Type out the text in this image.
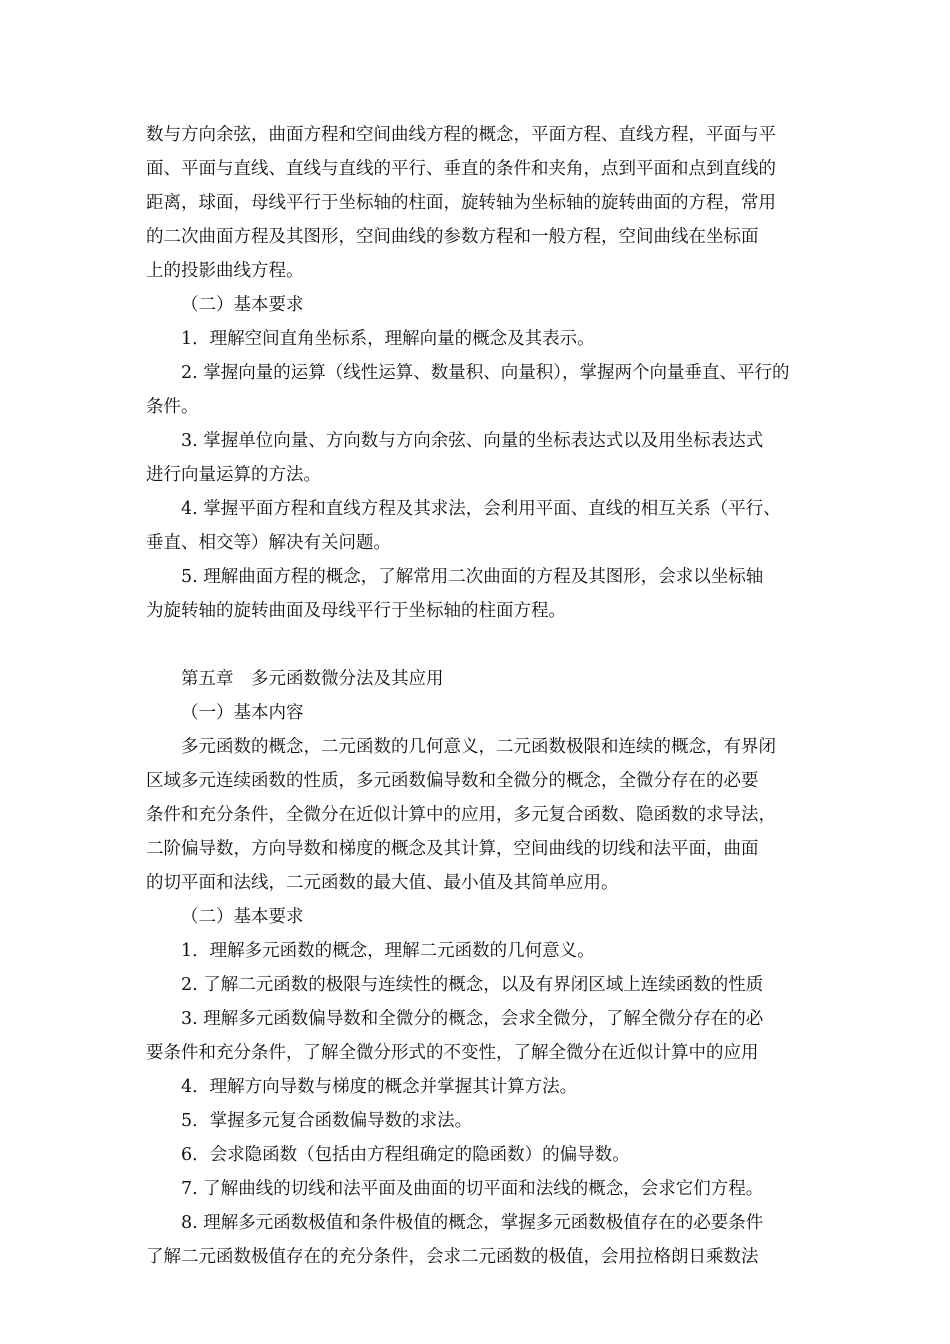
数与方向余弦，曲面方程和空间曲线方程的概念，平面方程、直线方程，平面与平
面、平面与直线、直线与直线的平行、垂直的条件和夹角，点到平面和点到直线的
距离，球面，母线平行于坐标轴的柱面，旋转轴为坐标轴的旋转曲面的方程，常用
的二次曲面方程及其图形，空间曲线的参数方程和一般方程，空间曲线在坐标面
上的投影曲线方程。
（二）基本要求
1．理解空间直角坐标系，理解向量的概念及其表示。
2. 掌握向量的运算（线性运算、数量积、向量积），掌握两个向量垂直、平行的
条件。
3. 掌握单位向量、方向数与方向余弦、向量的坐标表达式以及用坐标表达式
进行向量运算的方法。
4. 掌握平面方程和直线方程及其求法，会利用平面、直线的相互关系（平行、
垂直、相交等）解决有关问题。
5. 理解曲面方程的概念，了解常用二次曲面的方程及其图形，会求以坐标轴
为旋转轴的旋转曲面及母线平行于坐标轴的柱面方程。
第五章　多元函数微分法及其应用
（一）基本内容
多元函数的概念，二元函数的几何意义，二元函数极限和连续的概念，有界闭
区域多元连续函数的性质，多元函数偏导数和全微分的概念，全微分存在的必要
条件和充分条件，全微分在近似计算中的应用，多元复合函数、隐函数的求导法，
二阶偏导数，方向导数和梯度的概念及其计算，空间曲线的切线和法平面，曲面
的切平面和法线，二元函数的最大值、最小值及其简单应用。
（二）基本要求
1．理解多元函数的概念，理解二元函数的几何意义。
2. 了解二元函数的极限与连续性的概念，以及有界闭区域上连续函数的性质
3. 理解多元函数偏导数和全微分的概念，会求全微分，了解全微分存在的必
要条件和充分条件，了解全微分形式的不变性，了解全微分在近似计算中的应用
4．理解方向导数与梯度的概念并掌握其计算方法。
5．掌握多元复合函数偏导数的求法。
6．会求隐函数（包括由方程组确定的隐函数）的偏导数。
7. 了解曲线的切线和法平面及曲面的切平面和法线的概念，会求它们方程。
8. 理解多元函数极值和条件极值的概念，掌握多元函数极值存在的必要条件
了解二元函数极值存在的充分条件，会求二元函数的极值，会用拉格朗日乘数法
